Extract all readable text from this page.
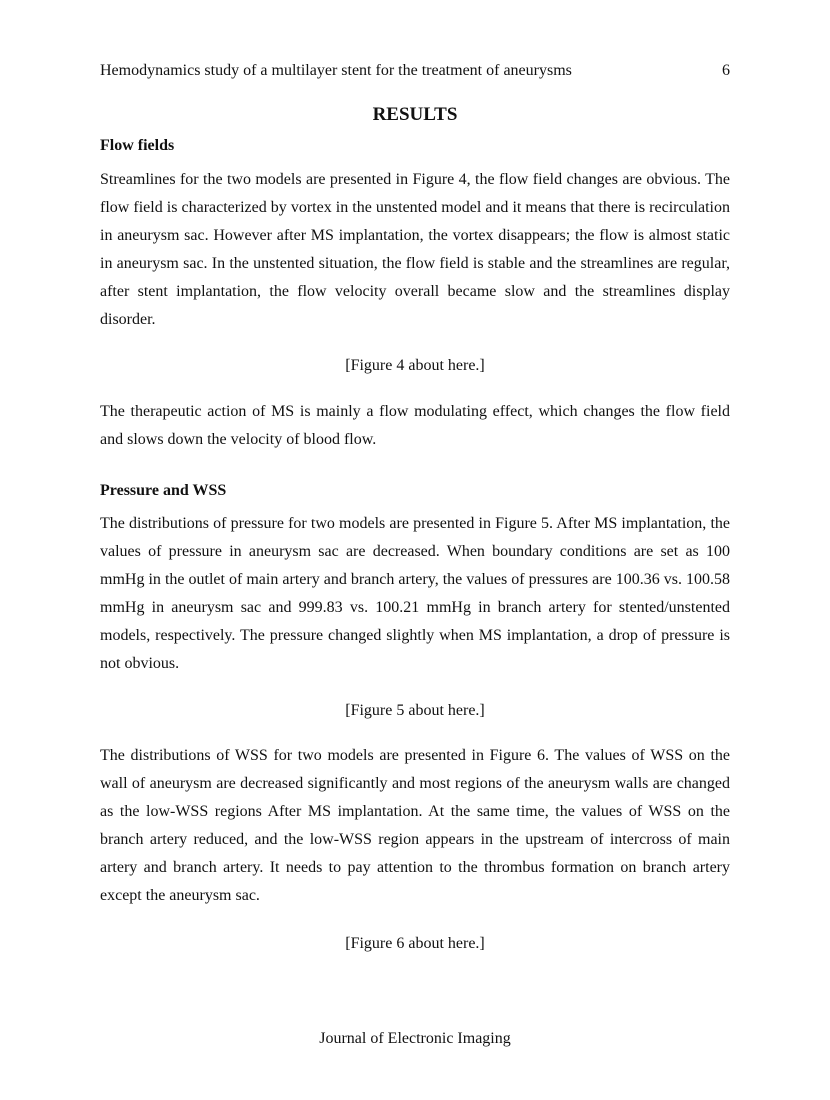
Hemodynamics study of a multilayer stent for the treatment of aneurysms	6
RESULTS
Flow fields
Streamlines for the two models are presented in Figure 4, the flow field changes are obvious. The flow field is characterized by vortex in the unstented model and it means that there is recirculation in aneurysm sac. However after MS implantation, the vortex disappears; the flow is almost static in aneurysm sac. In the unstented situation, the flow field is stable and the streamlines are regular, after stent implantation, the flow velocity overall became slow and the streamlines display disorder.
[Figure 4 about here.]
The therapeutic action of MS is mainly a flow modulating effect, which changes the flow field and slows down the velocity of blood flow.
Pressure and WSS
The distributions of pressure for two models are presented in Figure 5. After MS implantation, the values of pressure in aneurysm sac are decreased. When boundary conditions are set as 100 mmHg in the outlet of main artery and branch artery, the values of pressures are 100.36 vs. 100.58 mmHg in aneurysm sac and 999.83 vs. 100.21 mmHg in branch artery for stented/unstented models, respectively. The pressure changed slightly when MS implantation, a drop of pressure is not obvious.
[Figure 5 about here.]
The distributions of WSS for two models are presented in Figure 6. The values of WSS on the wall of aneurysm are decreased significantly and most regions of the aneurysm walls are changed as the low-WSS regions After MS implantation. At the same time, the values of WSS on the branch artery reduced, and the low-WSS region appears in the upstream of intercross of main artery and branch artery. It needs to pay attention to the thrombus formation on branch artery except the aneurysm sac.
[Figure 6 about here.]
Journal of Electronic Imaging
